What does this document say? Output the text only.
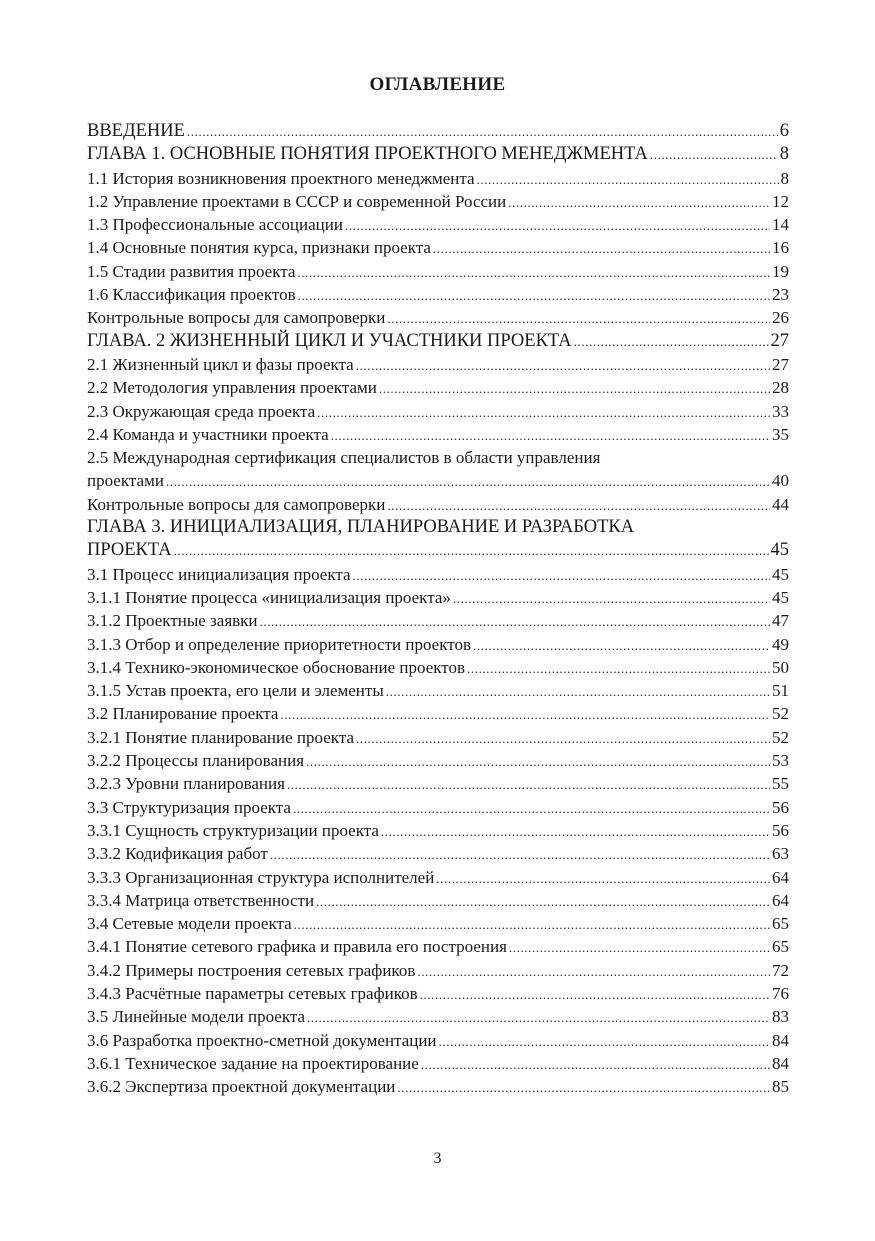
ОГЛАВЛЕНИЕ
ВВЕДЕНИЕ .....	6
ГЛАВА 1. ОСНОВНЫЕ ПОНЯТИЯ ПРОЕКТНОГО МЕНЕДЖМЕНТА .....	8
1.1 История возникновения проектного менеджмента .....	8
1.2 Управление проектами в СССР и современной России .....	12
1.3 Профессиональные ассоциации .....	14
1.4 Основные понятия курса, признаки проекта .....	16
1.5 Стадии развития проекта .....	19
1.6 Классификация проектов .....	23
Контрольные вопросы для самопроверки .....	26
ГЛАВА. 2 ЖИЗНЕННЫЙ ЦИКЛ И УЧАСТНИКИ ПРОЕКТА .....	27
2.1 Жизненный цикл и фазы проекта .....	27
2.2 Методология управления проектами .....	28
2.3 Окружающая среда проекта .....	33
2.4 Команда и участники проекта .....	35
2.5 Международная сертификация специалистов в области управления
проектами .....	40
Контрольные вопросы для самопроверки .....	44
ГЛАВА 3. ИНИЦИАЛИЗАЦИЯ, ПЛАНИРОВАНИЕ И РАЗРАБОТКА
ПРОЕКТА .....	45
3.1 Процесс инициализация проекта .....	45
3.1.1 Понятие процесса «инициализация проекта» .....	45
3.1.2 Проектные заявки .....	47
3.1.3 Отбор и определение приоритетности проектов .....	49
3.1.4 Технико-экономическое обоснование проектов .....	50
3.1.5 Устав проекта, его цели и элементы .....	51
3.2 Планирование проекта .....	52
3.2.1 Понятие планирование проекта .....	52
3.2.2 Процессы планирования .....	53
3.2.3 Уровни планирования .....	55
3.3 Структуризация проекта .....	56
3.3.1 Сущность структуризации проекта .....	56
3.3.2 Кодификация работ .....	63
3.3.3 Организационная структура исполнителей .....	64
3.3.4 Матрица ответственности .....	64
3.4 Сетевые модели проекта .....	65
3.4.1 Понятие сетевого графика и правила его построения .....	65
3.4.2 Примеры построения сетевых графиков .....	72
3.4.3 Расчётные параметры сетевых графиков .....	76
3.5 Линейные модели проекта .....	83
3.6 Разработка проектно-сметной документации .....	84
3.6.1 Техническое задание на проектирование .....	84
3.6.2 Экспертиза проектной документации .....	85
3
